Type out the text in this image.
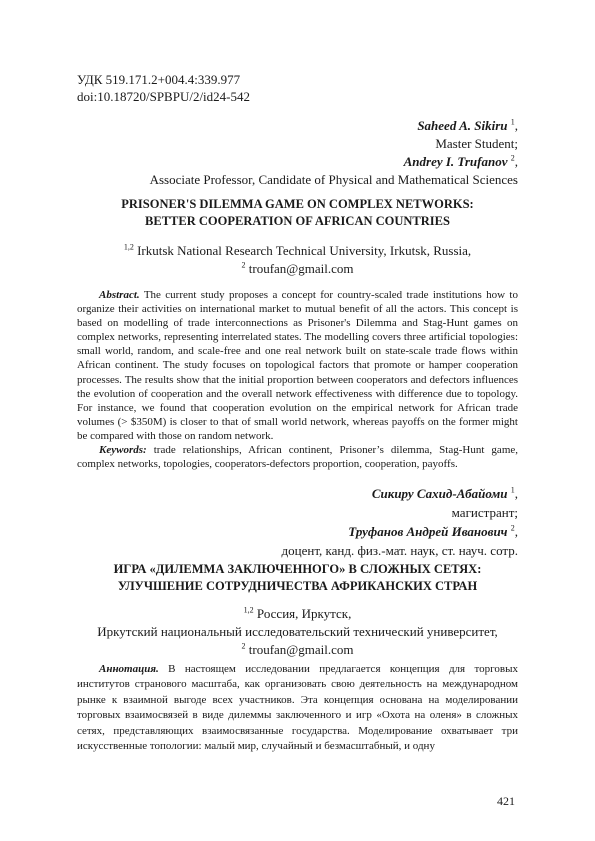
УДК 519.171.2+004.4:339.977
doi:10.18720/SPBPU/2/id24-542
Saheed A. Sikiru $^1$,
Master Student;
Andrey I. Trufanov $^2$,
Associate Professor, Candidate of Physical and Mathematical Sciences
PRISONER'S DILEMMA GAME ON COMPLEX NETWORKS:
BETTER COOPERATION OF AFRICAN COUNTRIES
$^{1,2}$ Irkutsk National Research Technical University, Irkutsk, Russia,
$^2$ troufan@gmail.com

Abstract. The current study proposes a concept for country-scaled trade institutions how to organize their activities on international market to mutual benefit of all the actors. This concept is based on modelling of trade interconnections as Prisoner's Dilemma and Stag-Hunt games on complex networks, representing interrelated states. The modelling covers three artificial topologies: small world, random, and scale-free and one real network built on state-scale trade flows within African continent. The study focuses on topological factors that promote or hamper cooperation processes. The results show that the initial proportion between cooperators and defectors influences the evolution of cooperation and the overall network effectiveness with difference due to topology. For instance, we found that cooperation evolution on the empirical network for African trade volumes (> $350M) is closer to that of small world network, whereas payoffs on the former might be compared with those on random network.

Keywords: trade relationships, African continent, Prisoner’s dilemma, Stag-Hunt game, complex networks, topologies, cooperators-defectors proportion, cooperation, payoffs.

Сикиру Сахид-Абайоми $^1$,
магистрант;
Труфанов Андрей Иванович $^2$,
доцент, канд. физ.-мат. наук, ст. науч. сотр.
ИГРА «ДИЛЕММА ЗАКЛЮЧЕННОГО» В СЛОЖНЫХ СЕТЯХ:
УЛУЧШЕНИЕ СОТРУДНИЧЕСТВА АФРИКАНСКИХ СТРАН
$^{1,2}$ Россия, Иркутск,
Иркутский национальный исследовательский технический университет,
$^2$ troufan@gmail.com

Аннотация. В настоящем исследовании предлагается концепция для торговых институтов странового масштаба, как организовать свою деятельность на международном рынке к взаимной выгоде всех участников. Эта концепция основана на моделировании торговых взаимосвязей в виде дилеммы заключенного и игр «Охота на оленя» в сложных сетях, представляющих взаимосвязанные государства. Моделирование охватывает три искусственные топологии: малый мир, случайный и безмасштабный, и одну

421
